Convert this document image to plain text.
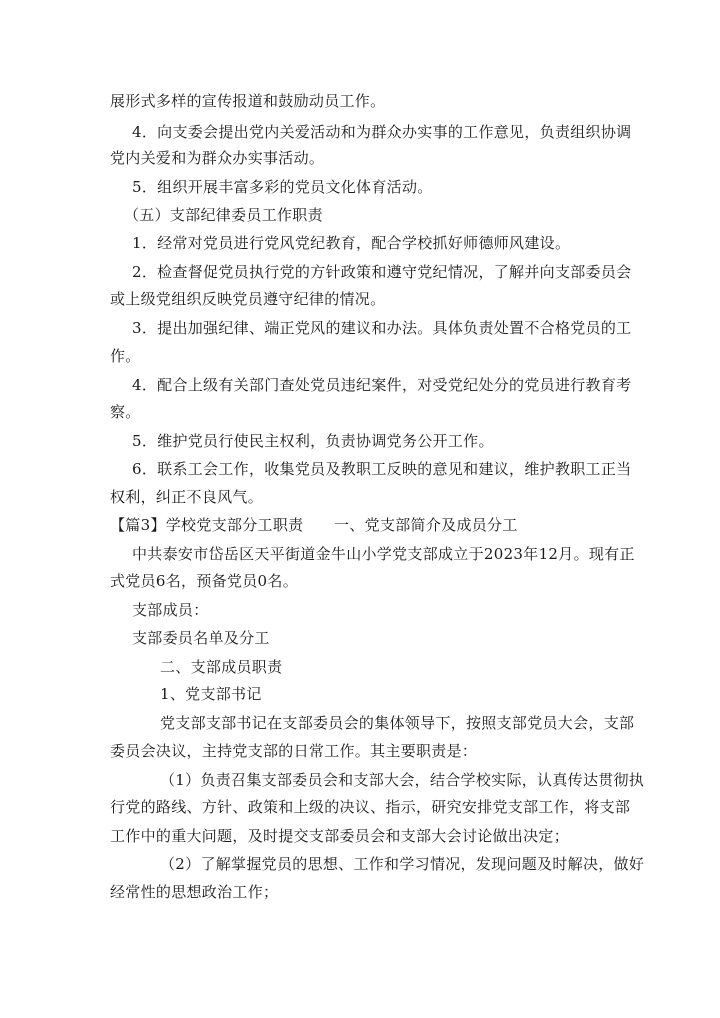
展形式多样的宣传报道和鼓励动员工作。
4．向支委会提出党内关爱活动和为群众办实事的工作意见，负责组织协调
党内关爱和为群众办实事活动。
5．组织开展丰富多彩的党员文化体育活动。
（五）支部纪律委员工作职责
1．经常对党员进行党风党纪教育，配合学校抓好师德师风建设。
2．检查督促党员执行党的方针政策和遵守党纪情况，了解并向支部委员会
或上级党组织反映党员遵守纪律的情况。
3．提出加强纪律、端正党风的建议和办法。具体负责处置不合格党员的工
作。
4．配合上级有关部门查处党员违纪案件，对受党纪处分的党员进行教育考
察。
5．维护党员行使民主权利，负责协调党务公开工作。
6．联系工会工作，收集党员及教职工反映的意见和建议，维护教职工正当
权利，纠正不良风气。
【篇3】学校党支部分工职责　　一、党支部简介及成员分工
中共泰安市岱岳区天平街道金牛山小学党支部成立于2023年12月。现有正
式党员6名，预备党员0名。
支部成员：
支部委员名单及分工
二、支部成员职责
1、党支部书记
党支部支部书记在支部委员会的集体领导下，按照支部党员大会，支部
委员会决议，主持党支部的日常工作。其主要职责是：
（1）负责召集支部委员会和支部大会，结合学校实际，认真传达贯彻执
行党的路线、方针、政策和上级的决议、指示，研究安排党支部工作，将支部
工作中的重大问题，及时提交支部委员会和支部大会讨论做出决定；
（2）了解掌握党员的思想、工作和学习情况，发现问题及时解决，做好
经常性的思想政治工作；
